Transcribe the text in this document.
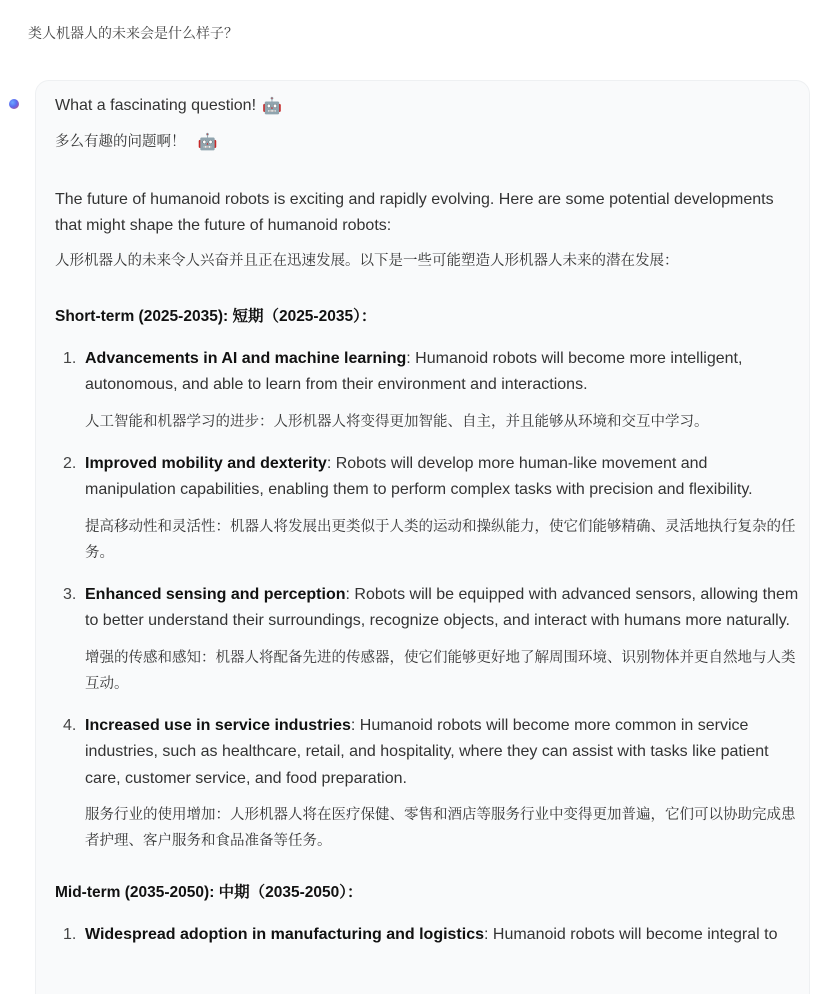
类人机器人的未来会是什么样子？

What a fascinating question! 🤖

多么有趣的问题啊！ 🤖

The future of humanoid robots is exciting and rapidly evolving. Here are some potential developments that might shape the future of humanoid robots:

人形机器人的未来令人兴奋并且正在迅速发展。以下是一些可能塑造人形机器人未来的潜在发展：

Short-term (2025-2035): 短期（2025-2035）：

1. Advancements in AI and machine learning: Humanoid robots will become more intelligent, autonomous, and able to learn from their environment and interactions.

人工智能和机器学习的进步：人形机器人将变得更加智能、自主，并且能够从环境和交互中学习。

2. Improved mobility and dexterity: Robots will develop more human-like movement and manipulation capabilities, enabling them to perform complex tasks with precision and flexibility.

提高移动性和灵活性：机器人将发展出更类似于人类的运动和操纵能力，使它们能够精确、灵活地执行复杂的任务。

3. Enhanced sensing and perception: Robots will be equipped with advanced sensors, allowing them to better understand their surroundings, recognize objects, and interact with humans more naturally.

增强的传感和感知：机器人将配备先进的传感器，使它们能够更好地了解周围环境、识别物体并更自然地与人类互动。

4. Increased use in service industries: Humanoid robots will become more common in service industries, such as healthcare, retail, and hospitality, where they can assist with tasks like patient care, customer service, and food preparation.

服务行业的使用增加：人形机器人将在医疗保健、零售和酒店等服务行业中变得更加普遍，它们可以协助完成患者护理、客户服务和食品准备等任务。

Mid-term (2035-2050): 中期（2035-2050）：

1. Widespread adoption in manufacturing and logistics: Humanoid robots will become integral to
